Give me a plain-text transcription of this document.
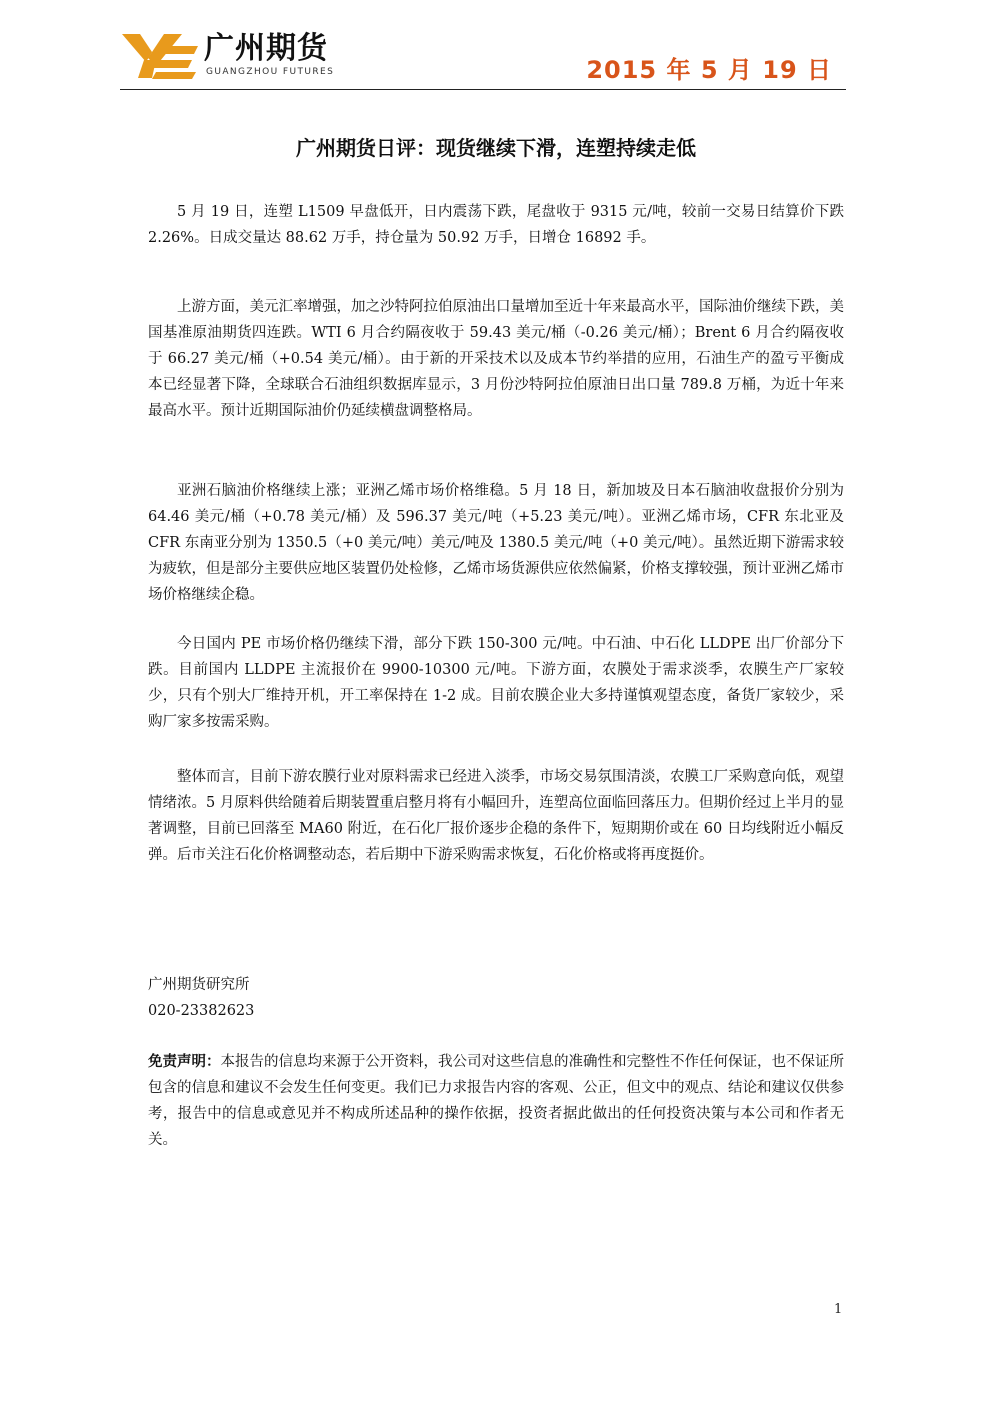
广州期货
GUANGZHOU FUTURES	2015 年 5 月 19 日
广州期货日评：现货继续下滑，连塑持续走低

5 月 19 日，连塑 L1509 早盘低开，日内震荡下跌，尾盘收于 9315 元/吨，较前一交易日结算价下跌 2.26%。日成交量达 88.62 万手，持仓量为 50.92 万手，日增仓 16892 手。

上游方面，美元汇率增强，加之沙特阿拉伯原油出口量增加至近十年来最高水平，国际油价继续下跌，美国基准原油期货四连跌。WTI 6 月合约隔夜收于 59.43 美元/桶（-0.26 美元/桶）；Brent 6 月合约隔夜收于 66.27 美元/桶（+0.54 美元/桶）。由于新的开采技术以及成本节约举措的应用，石油生产的盈亏平衡成本已经显著下降，全球联合石油组织数据库显示，3 月份沙特阿拉伯原油日出口量 789.8 万桶，为近十年来最高水平。预计近期国际油价仍延续横盘调整格局。

亚洲石脑油价格继续上涨；亚洲乙烯市场价格维稳。5 月 18 日，新加坡及日本石脑油收盘报价分别为 64.46 美元/桶（+0.78 美元/桶）及 596.37 美元/吨（+5.23 美元/吨）。亚洲乙烯市场，CFR 东北亚及 CFR 东南亚分别为 1350.5（+0 美元/吨）美元/吨及 1380.5 美元/吨（+0 美元/吨）。虽然近期下游需求较为疲软，但是部分主要供应地区装置仍处检修，乙烯市场货源供应依然偏紧，价格支撑较强，预计亚洲乙烯市场价格继续企稳。

今日国内 PE 市场价格仍继续下滑，部分下跌 150-300 元/吨。中石油、中石化 LLDPE 出厂价部分下跌。目前国内 LLDPE 主流报价在 9900-10300 元/吨。下游方面，农膜处于需求淡季，农膜生产厂家较少，只有个别大厂维持开机，开工率保持在 1-2 成。目前农膜企业大多持谨慎观望态度，备货厂家较少，采购厂家多按需采购。

整体而言，目前下游农膜行业对原料需求已经进入淡季，市场交易氛围清淡，农膜工厂采购意向低，观望情绪浓。5 月原料供给随着后期装置重启整月将有小幅回升，连塑高位面临回落压力。但期价经过上半月的显著调整，目前已回落至 MA60 附近，在石化厂报价逐步企稳的条件下，短期期价或在 60 日均线附近小幅反弹。后市关注石化价格调整动态，若后期中下游采购需求恢复，石化价格或将再度挺价。

广州期货研究所

020-23382623

免责声明：本报告的信息均来源于公开资料，我公司对这些信息的准确性和完整性不作任何保证，也不保证所包含的信息和建议不会发生任何变更。我们已力求报告内容的客观、公正，但文中的观点、结论和建议仅供参考，报告中的信息或意见并不构成所述品种的操作依据，投资者据此做出的任何投资决策与本公司和作者无关。

1
